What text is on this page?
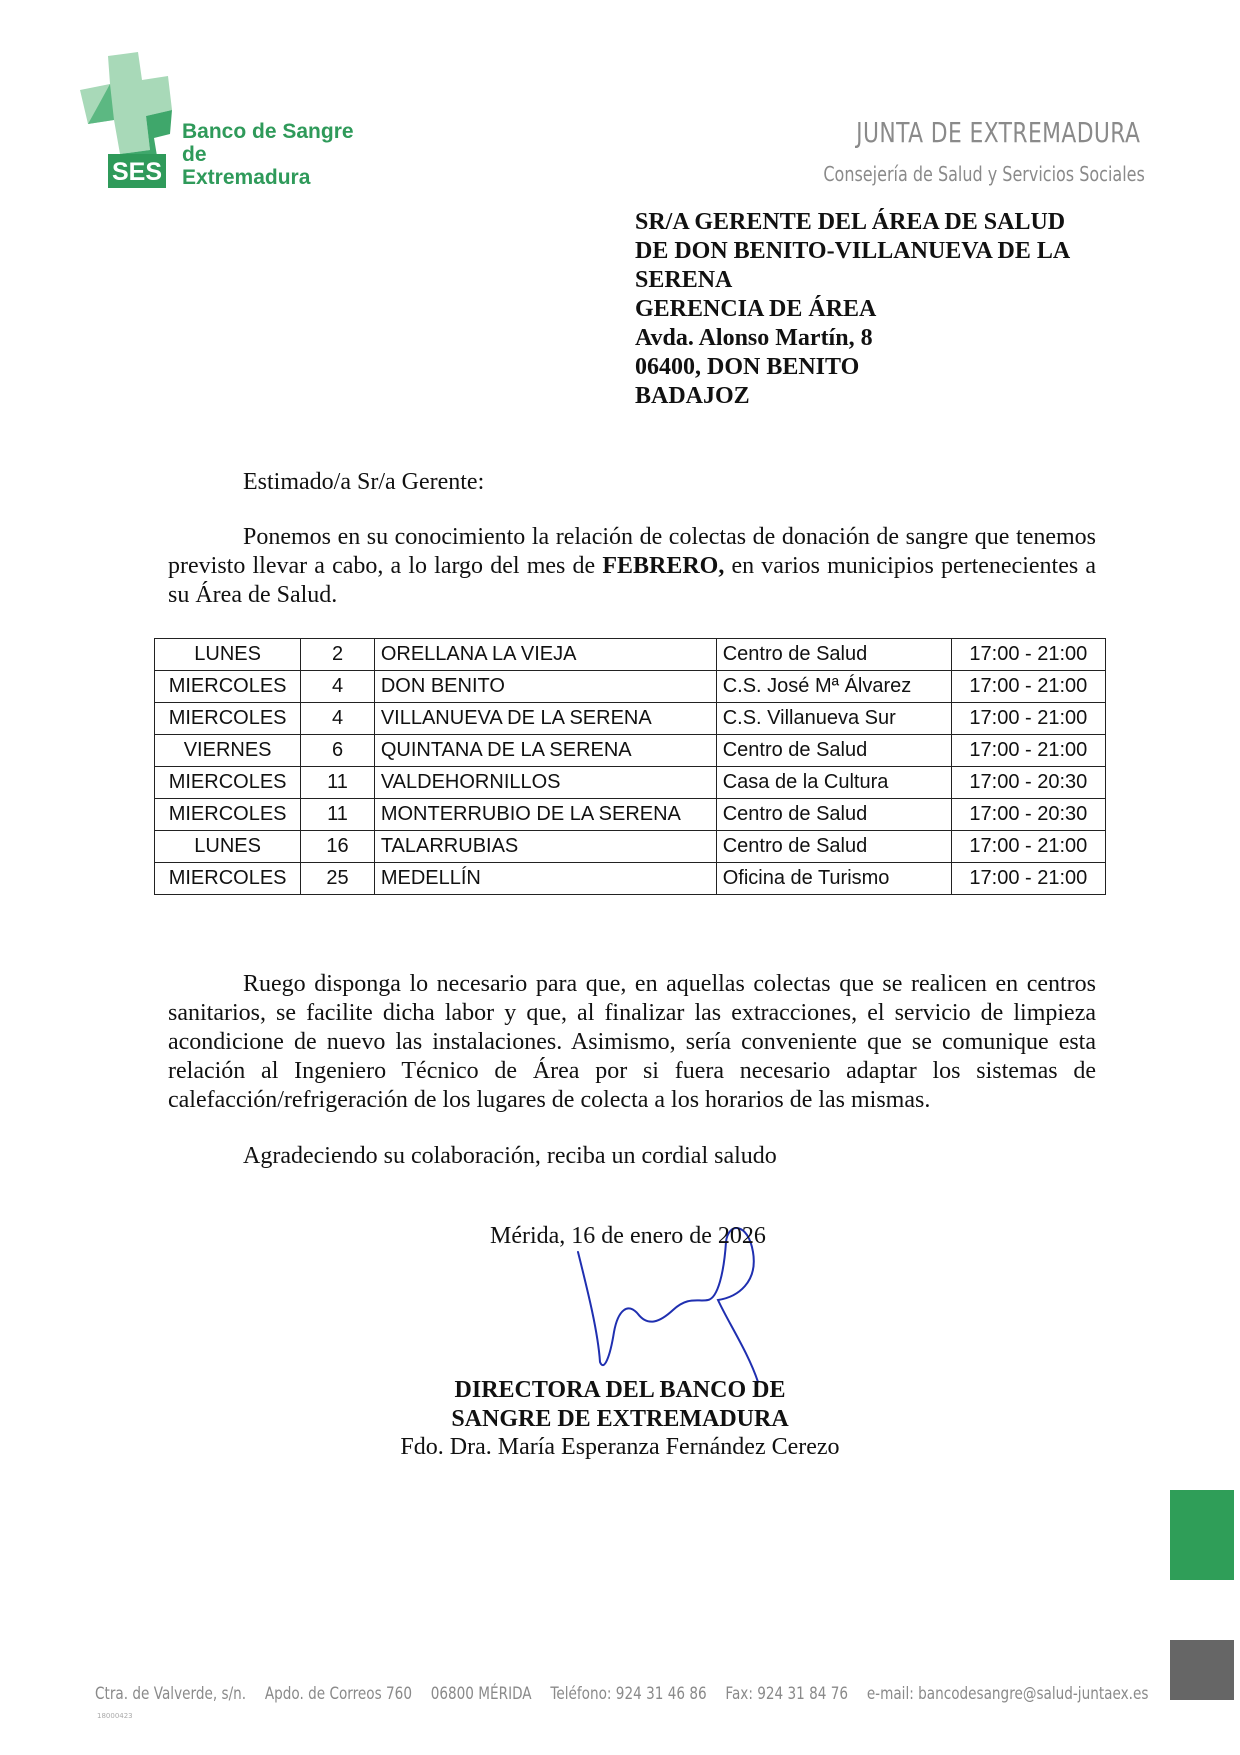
SES
Banco de Sangre
de
Extremadura
JUNTA DE EXTREMADURA
Consejería de Salud y Servicios Sociales
SR/A GERENTE DEL ÁREA DE SALUD
DE DON BENITO-VILLANUEVA DE LA
SERENA
GERENCIA DE ÁREA
Avda. Alonso Martín, 8
06400, DON BENITO
BADAJOZ
Estimado/a Sr/a Gerente:
Ponemos en su conocimiento la relación de colectas de donación de sangre que tenemos previsto llevar a cabo, a lo largo del mes de FEBRERO, en varios municipios pertenecientes a su Área de Salud.
LUNES	2	ORELLANA LA VIEJA	Centro de Salud	17:00 - 21:00
MIERCOLES	4	DON BENITO	C.S. José Mª Álvarez	17:00 - 21:00
MIERCOLES	4	VILLANUEVA DE LA SERENA	C.S. Villanueva Sur	17:00 - 21:00
VIERNES	6	QUINTANA DE LA SERENA	Centro de Salud	17:00 - 21:00
MIERCOLES	11	VALDEHORNILLOS	Casa de la Cultura	17:00 - 20:30
MIERCOLES	11	MONTERRUBIO DE LA SERENA	Centro de Salud	17:00 - 20:30
LUNES	16	TALARRUBIAS	Centro de Salud	17:00 - 21:00
MIERCOLES	25	MEDELLÍN	Oficina de Turismo	17:00 - 21:00
Ruego disponga lo necesario para que, en aquellas colectas que se realicen en centros sanitarios, se facilite dicha labor y que, al finalizar las extracciones, el servicio de limpieza acondicione de nuevo las instalaciones. Asimismo, sería conveniente que se comunique esta relación al Ingeniero Técnico de Área por si fuera necesario adaptar los sistemas de calefacción/refrigeración de los lugares de colecta a los horarios de las mismas.
Agradeciendo su colaboración, reciba un cordial saludo
Mérida, 16 de enero de 2026
DIRECTORA DEL BANCO DE
SANGRE DE EXTREMADURA
Fdo. Dra. María Esperanza Fernández Cerezo
Ctra. de Valverde, s/n. Apdo. de Correos 760 06800 MÉRIDA Teléfono: 924 31 46 86 Fax: 924 31 84 76 e-mail: bancodesangre@salud-juntaex.es
18000423
